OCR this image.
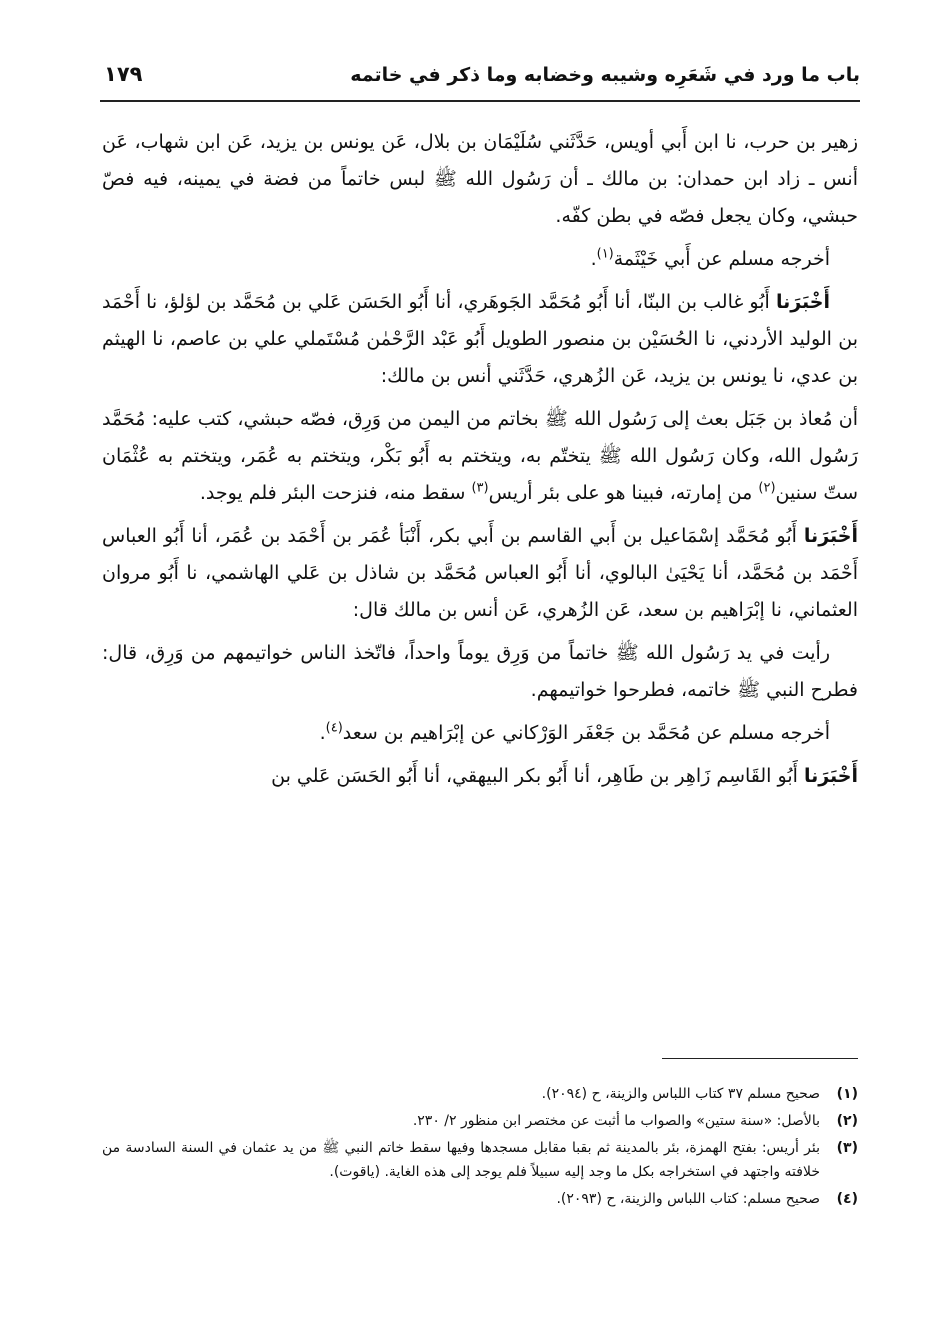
باب ما ورد في شَعَرِه وشيبه وخضابه وما ذكر في خاتمه
١٧٩

زهير بن حرب، نا ابن أَبي أويس، حَدَّثَني سُلَيْمَان بن بلال، عَن يونس بن يزيد، عَن ابن شهاب، عَن أنس ـ زاد ابن حمدان: بن مالك ـ أن رَسُول الله ﷺ لبس خاتماً من فضة في يمينه، فيه فصّ حبشي، وكان يجعل فصّه في بطن كفّه.

أخرجه مسلم عن أَبي خَيْثَمة$^{(١)}$.

أَخْبَرَنا أَبُو غالب بن البنّا، أنا أَبُو مُحَمَّد الجَوهَري، أنا أَبُو الحَسَن عَلي بن مُحَمَّد بن لؤلؤ، نا أَحْمَد بن الوليد الأردني، نا الحُسَيْن بن منصور الطويل أَبُو عَبْد الرَّحْمٰن مُسْتَملي علي بن عاصم، نا الهيثم بن عدي، نا يونس بن يزيد، عَن الزُهري، حَدَّثَني أنس بن مالك:

أن مُعاذ بن جَبَل بعث إلى رَسُول الله ﷺ بخاتم من اليمن من وَرِق، فصّه حبشي، كتب عليه: مُحَمَّد رَسُول الله، وكان رَسُول الله ﷺ يتختّم به، ويتختم به أَبُو بَكْر، ويتختم به عُمَر، ويتختم به عُثْمَان ستّ سنين$^{(٢)}$ من إمارته، فبينا هو على بئر أريس$^{(٣)}$ سقط منه، فنزحت البئر فلم يوجد.

أَخْبَرَنا أَبُو مُحَمَّد إسْمَاعيل بن أَبي القاسم بن أَبي بكر، أَنْبَأ عُمَر بن أَحْمَد بن عُمَر، أنا أَبُو العباس أَحْمَد بن مُحَمَّد، أنا يَحْيَىٰ البالوي، أنا أَبُو العباس مُحَمَّد بن شاذل بن عَلي الهاشمي، نا أَبُو مروان العثماني، نا إبْرَاهيم بن سعد، عَن الزُهري، عَن أنس بن مالك قال:

رأيت في يد رَسُول الله ﷺ خاتماً من وَرِق يوماً واحداً، فاتّخذ الناس خواتيمهم من وَرِق، قال: فطرح النبي ﷺ خاتمه، فطرحوا خواتيمهم.

أخرجه مسلم عن مُحَمَّد بن جَعْفَر الوَرْكاني عن إبْرَاهيم بن سعد$^{(٤)}$.

أَخْبَرَنا أَبُو القَاسِم زَاهِر بن طَاهِر، أنا أَبُو بكر البيهقي، أنا أَبُو الحَسَن عَلي بن

(١)
صحيح مسلم ٣٧ كتاب اللباس والزينة، ح (٢٠٩٤).
(٢)
بالأصل: «سنة ستين» والصواب ما أثبت عن مختصر ابن منظور ٢/ ٢٣٠.
(٣)
بئر أريس: بفتح الهمزة، بئر بالمدينة ثم بقبا مقابل مسجدها وفيها سقط خاتم النبي ﷺ من يد عثمان في السنة السادسة من خلافته واجتهد في استخراجه بكل ما وجد إليه سبيلاً فلم يوجد إلى هذه الغاية. (ياقوت).
(٤)
صحيح مسلم: كتاب اللباس والزينة، ح (٢٠٩٣).
